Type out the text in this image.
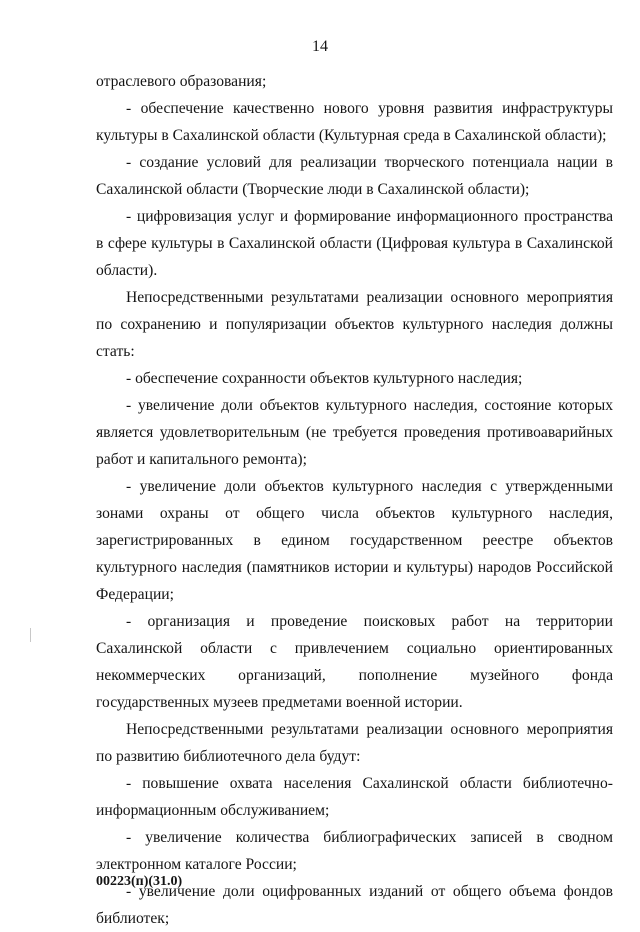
14

отраслевого образования;

- обеспечение качественно нового уровня развития инфраструктуры культуры в Сахалинской области (Культурная среда в Сахалинской области);

- создание условий для реализации творческого потенциала нации в Сахалинской области (Творческие люди в Сахалинской области);

- цифровизация услуг и формирование информационного пространства в сфере культуры в Сахалинской области (Цифровая культура в Сахалинской области).

Непосредственными результатами реализации основного мероприятия по сохранению и популяризации объектов культурного наследия должны стать:

- обеспечение сохранности объектов культурного наследия;

- увеличение доли объектов культурного наследия, состояние которых является удовлетворительным (не требуется проведения противоаварийных работ и капитального ремонта);

- увеличение доли объектов культурного наследия с утвержденными зонами охраны от общего числа объектов культурного наследия, зарегистрированных в едином государственном реестре объектов культурного наследия (памятников истории и культуры) народов Российской Федерации;

- организация и проведение поисковых работ на территории Сахалинской области с привлечением социально ориентированных некоммерческих организаций, пополнение музейного фонда государственных музеев предметами военной истории.

Непосредственными результатами реализации основного мероприятия по развитию библиотечного дела будут:

- повышение охвата населения Сахалинской области библиотечно-информационным обслуживанием;

- увеличение количества библиографических записей в сводном электронном каталоге России;

- увеличение доли оцифрованных изданий от общего объема фондов библиотек;

00223(п)(31.0)
